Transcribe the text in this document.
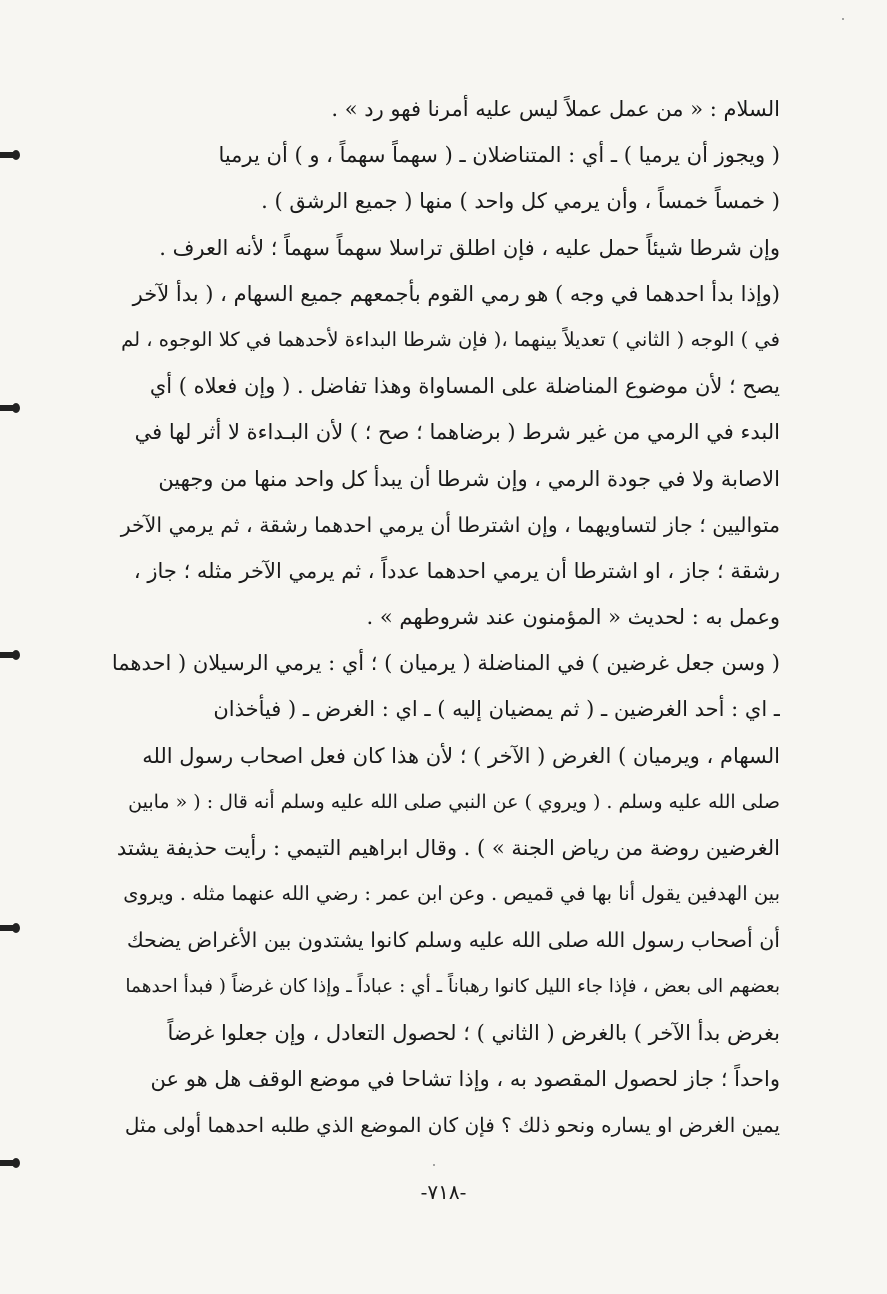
السلام : « من عمل عملاً ليس عليه أمرنا فهو رد » .
( ويجوز أن يرميا ) ـ أي : المتناضلان ـ ( سهماً سهماً ، و ) أن يرميا
( خمساً خمساً ، وأن يرمي كل واحد ) منها ( جميع الرشق ) .
وإن شرطا شيئاً حمل عليه ، فإن اطلق تراسلا سهماً سهماً ؛ لأنه العرف .
(وإذا بدأ احدهما في وجه ) هو رمي القوم بأجمعهم جميع السهام ، ( بدأ لآخر
في ) الوجه ( الثاني ) تعديلاً بينهما ،( فإن شرطا البداءة لأحدهما في كلا الوجوه ، لم
يصح ؛ لأن موضوع المناضلة على المساواة وهذا تفاضل . ( وإن فعلاه ) أي
البدء في الرمي من غير شرط ( برضاهما ؛ صح ؛ ) لأن البـداءة لا أثر لها في
الاصابة ولا في جودة الرمي ، وإن شرطا أن يبدأ كل واحد منها من وجهين
متواليين ؛ جاز لتساويهما ، وإن اشترطا أن يرمي احدهما رشقة ، ثم يرمي الآخر
رشقة ؛ جاز ، او اشترطا أن يرمي احدهما عدداً ، ثم يرمي الآخر مثله ؛ جاز ،
وعمل به : لحديث « المؤمنون عند شروطهم » .
( وسن جعل غرضين ) في المناضلة ( يرميان ) ؛ أي : يرمي الرسيلان ( احدهما
ـ اي : أحد الغرضين ـ ( ثم يمضيان إليه ) ـ اي : الغرض ـ ( فيأخذان
السهام ، ويرميان ) الغرض ( الآخر ) ؛ لأن هذا كان فعل اصحاب رسول الله
صلى الله عليه وسلم . ( ويروي ) عن النبي صلى الله عليه وسلم أنه قال : ( « مابين
الغرضين روضة من رياض الجنة » ) . وقال ابراهيم التيمي : رأيت حذيفة يشتد
بين الهدفين يقول أنا بها في قميص . وعن ابن عمر : رضي الله عنهما مثله . ويروى
أن أصحاب رسول الله صلى الله عليه وسلم كانوا يشتدون بين الأغراض يضحك
بعضهم الى بعض ، فإذا جاء الليل كانوا رهباناً ـ أي : عباداً ـ وإذا كان غرضاً ( فبدأ احدهما
بغرض بدأ الآخر ) بالغرض ( الثاني ) ؛ لحصول التعادل ، وإن جعلوا غرضاً
واحداً ؛ جاز لحصول المقصود به ، وإذا تشاحا في موضع الوقف هل هو عن
يمين الغرض او يساره ونحو ذلك ؟ فإن كان الموضع الذي طلبه احدهما أولى مثل
-٧١٨-
